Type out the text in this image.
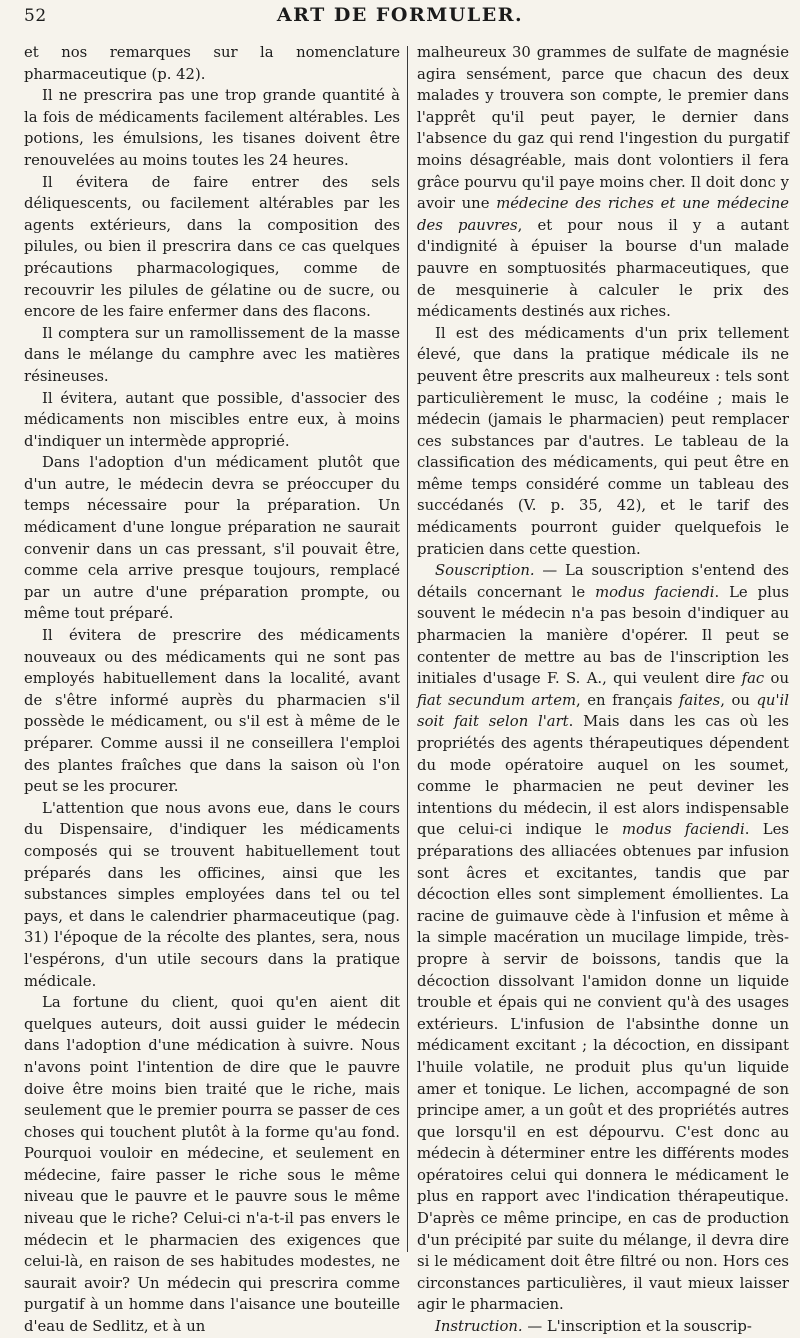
52	ART DE FORMULER.

et nos remarques sur la nomenclature pharmaceutique (p. 42).

Il ne prescrira pas une trop grande quantité à la fois de médicaments facilement altérables. Les potions, les émulsions, les tisanes doivent être renouvelées au moins toutes les 24 heures.

Il évitera de faire entrer des sels déliquescents, ou facilement altérables par les agents extérieurs, dans la composition des pilules, ou bien il prescrira dans ce cas quelques précautions pharmacologiques, comme de recouvrir les pilules de gélatine ou de sucre, ou encore de les faire enfermer dans des flacons.

Il comptera sur un ramollissement de la masse dans le mélange du camphre avec les matières résineuses.

Il évitera, autant que possible, d'associer des médicaments non miscibles entre eux, à moins d'indiquer un intermède approprié.

Dans l'adoption d'un médicament plutôt que d'un autre, le médecin devra se préoccuper du temps nécessaire pour la préparation. Un médicament d'une longue préparation ne saurait convenir dans un cas pressant, s'il pouvait être, comme cela arrive presque toujours, remplacé par un autre d'une préparation prompte, ou même tout préparé.

Il évitera de prescrire des médicaments nouveaux ou des médicaments qui ne sont pas employés habituellement dans la localité, avant de s'être informé auprès du pharmacien s'il possède le médicament, ou s'il est à même de le préparer. Comme aussi il ne conseillera l'emploi des plantes fraîches que dans la saison où l'on peut se les procurer.

L'attention que nous avons eue, dans le cours du Dispensaire, d'indiquer les médicaments composés qui se trouvent habituellement tout préparés dans les officines, ainsi que les substances simples employées dans tel ou tel pays, et dans le calendrier pharmaceutique (pag. 31) l'époque de la récolte des plantes, sera, nous l'espérons, d'un utile secours dans la pratique médicale.

La fortune du client, quoi qu'en aient dit quelques auteurs, doit aussi guider le médecin dans l'adoption d'une médication à suivre. Nous n'avons point l'intention de dire que le pauvre doive être moins bien traité que le riche, mais seulement que le premier pourra se passer de ces choses qui touchent plutôt à la forme qu'au fond. Pourquoi vouloir en médecine, et seulement en médecine, faire passer le riche sous le même niveau que le pauvre et le pauvre sous le même niveau que le riche? Celui-ci n'a-t-il pas envers le médecin et le pharmacien des exigences que celui-là, en raison de ses habitudes modestes, ne saurait avoir? Un médecin qui prescrira comme purgatif à un homme dans l'aisance une bouteille d'eau de Sedlitz, et à un

malheureux 30 grammes de sulfate de magnésie agira sensément, parce que chacun des deux malades y trouvera son compte, le premier dans l'apprêt qu'il peut payer, le dernier dans l'absence du gaz qui rend l'ingestion du purgatif moins désagréable, mais dont volontiers il fera grâce pourvu qu'il paye moins cher. Il doit donc y avoir une médecine des riches et une médecine des pauvres, et pour nous il y a autant d'indignité à épuiser la bourse d'un malade pauvre en somptuosités pharmaceutiques, que de mesquinerie à calculer le prix des médicaments destinés aux riches.

Il est des médicaments d'un prix tellement élevé, que dans la pratique médicale ils ne peuvent être prescrits aux malheureux : tels sont particulièrement le musc, la codéine ; mais le médecin (jamais le pharmacien) peut remplacer ces substances par d'autres. Le tableau de la classification des médicaments, qui peut être en même temps considéré comme un tableau des succédanés (V. p. 35, 42), et le tarif des médicaments pourront guider quelquefois le praticien dans cette question.

Souscription. — La souscription s'entend des détails concernant le modus faciendi. Le plus souvent le médecin n'a pas besoin d'indiquer au pharmacien la manière d'opérer. Il peut se contenter de mettre au bas de l'inscription les initiales d'usage F. S. A., qui veulent dire fac ou fiat secundum artem, en français faites, ou qu'il soit fait selon l'art. Mais dans les cas où les propriétés des agents thérapeutiques dépendent du mode opératoire auquel on les soumet, comme le pharmacien ne peut deviner les intentions du médecin, il est alors indispensable que celui-ci indique le modus faciendi. Les préparations des alliacées obtenues par infusion sont âcres et excitantes, tandis que par décoction elles sont simplement émollientes. La racine de guimauve cède à l'infusion et même à la simple macération un mucilage limpide, très-propre à servir de boissons, tandis que la décoction dissolvant l'amidon donne un liquide trouble et épais qui ne convient qu'à des usages extérieurs. L'infusion de l'absinthe donne un médicament excitant ; la décoction, en dissipant l'huile volatile, ne produit plus qu'un liquide amer et tonique. Le lichen, accompagné de son principe amer, a un goût et des propriétés autres que lorsqu'il en est dépourvu. C'est donc au médecin à déterminer entre les différents modes opératoires celui qui donnera le médicament le plus en rapport avec l'indication thérapeutique. D'après ce même principe, en cas de production d'un précipité par suite du mélange, il devra dire si le médicament doit être filtré ou non. Hors ces circonstances particulières, il vaut mieux laisser agir le pharmacien.

Instruction. — L'inscription et la souscrip-
